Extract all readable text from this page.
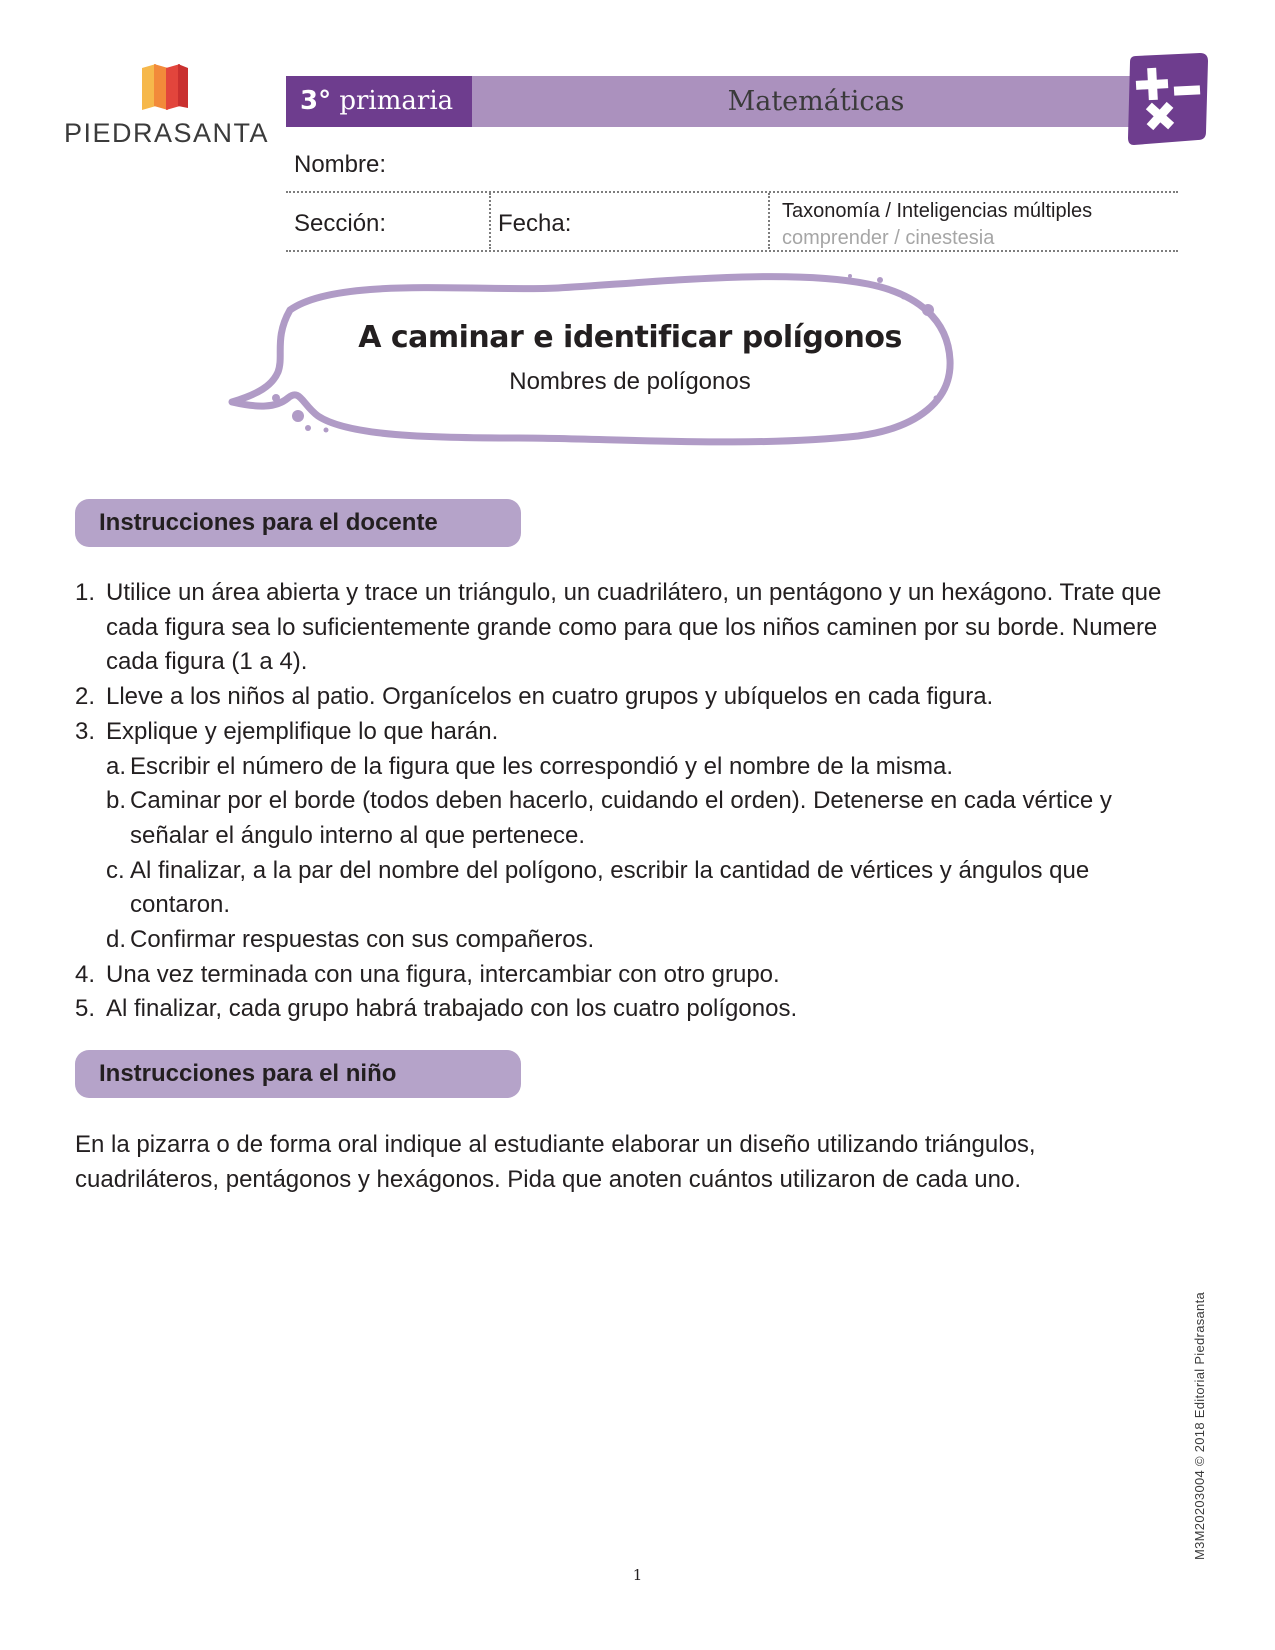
PIEDRASANTA
3° primaria	Matemáticas
Nombre:
Sección:	Fecha:	Taxonomía / Inteligencias múltiples
comprender / cinestesia
A caminar e identificar polígonos
Nombres de polígonos
Instrucciones para el docente
1. Utilice un área abierta y trace un triángulo, un cuadrilátero, un pentágono y un hexágono. Trate que cada figura sea lo suficientemente grande como para que los niños caminen por su borde. Numere cada figura (1 a 4).
2. Lleve a los niños al patio. Organícelos en cuatro grupos y ubíquelos en cada figura.
3. Explique y ejemplifique lo que harán.
a. Escribir el número de la figura que les correspondió y el nombre de la misma.
b. Caminar por el borde (todos deben hacerlo, cuidando el orden). Detenerse en cada vértice y señalar el ángulo interno al que pertenece.
c. Al finalizar, a la par del nombre del polígono, escribir la cantidad de vértices y ángulos que contaron.
d. Confirmar respuestas con sus compañeros.
4. Una vez terminada con una figura, intercambiar con otro grupo.
5. Al finalizar, cada grupo habrá trabajado con los cuatro polígonos.
Instrucciones para el niño

En la pizarra o de forma oral indique al estudiante elaborar un diseño utilizando triángulos, cuadriláteros, pentágonos y hexágonos. Pida que anoten cuántos utilizaron de cada uno.

M3M20203004 © 2018 Editorial Piedrasanta
1
